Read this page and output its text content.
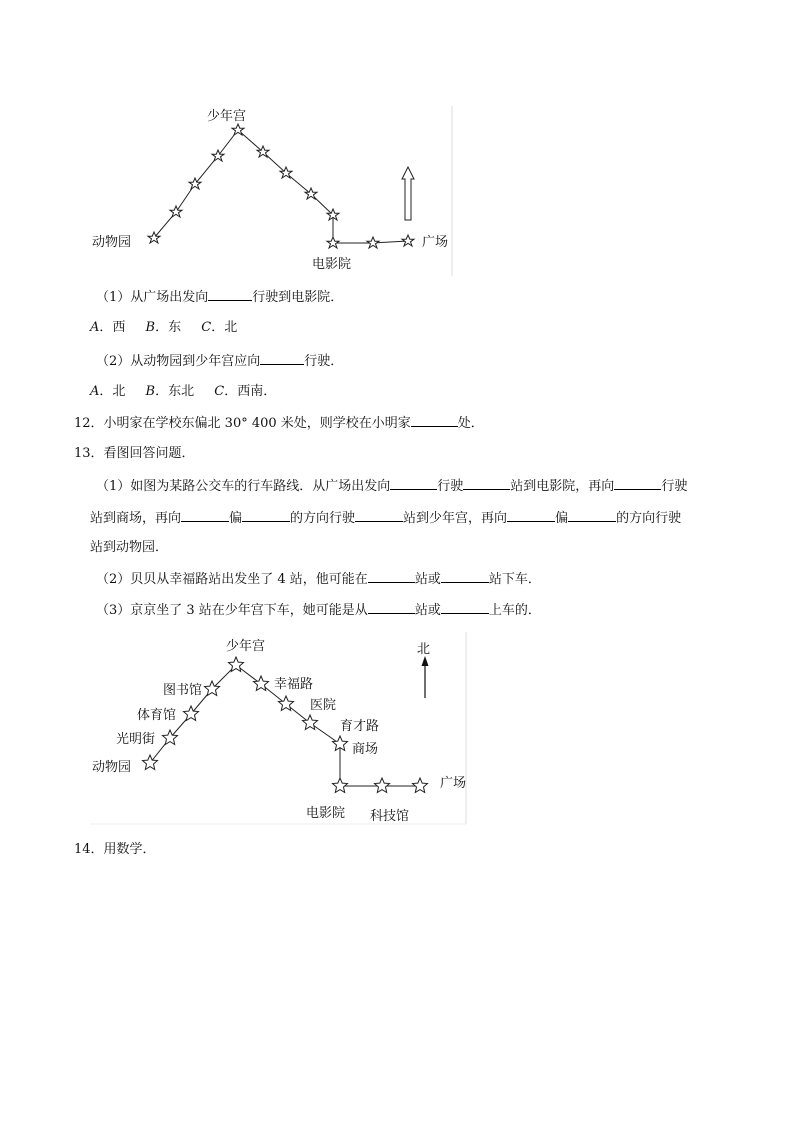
少年宫
动物园
电影院
广场
（1）从广场出发向	行驶到电影院．
A．西 B．东 C．北
（2）从动物园到少年宫应向	行驶．
A．北 B．东北 C．西南．
12．小明家在学校东偏北 30° 400 米处，则学校在小明家	处．
13．看图回答问题．
（1）如图为某路公交车的行车路线．从广场出发向	行驶	站到电影院，再向	行驶
站到商场，再向	偏	的方向行驶	站到少年宫，再向	偏	的方向行驶
站到动物园．
（2）贝贝从幸福路站出发坐了 4 站，他可能在	站或	站下车．
（3）京京坐了 3 站在少年宫下车，她可能是从	站或	上车的．
少年宫
图书馆
体育馆
光明街
动物园
幸福路
医院
育才路
商场
电影院 科技馆
广场
北
14．用数学．
